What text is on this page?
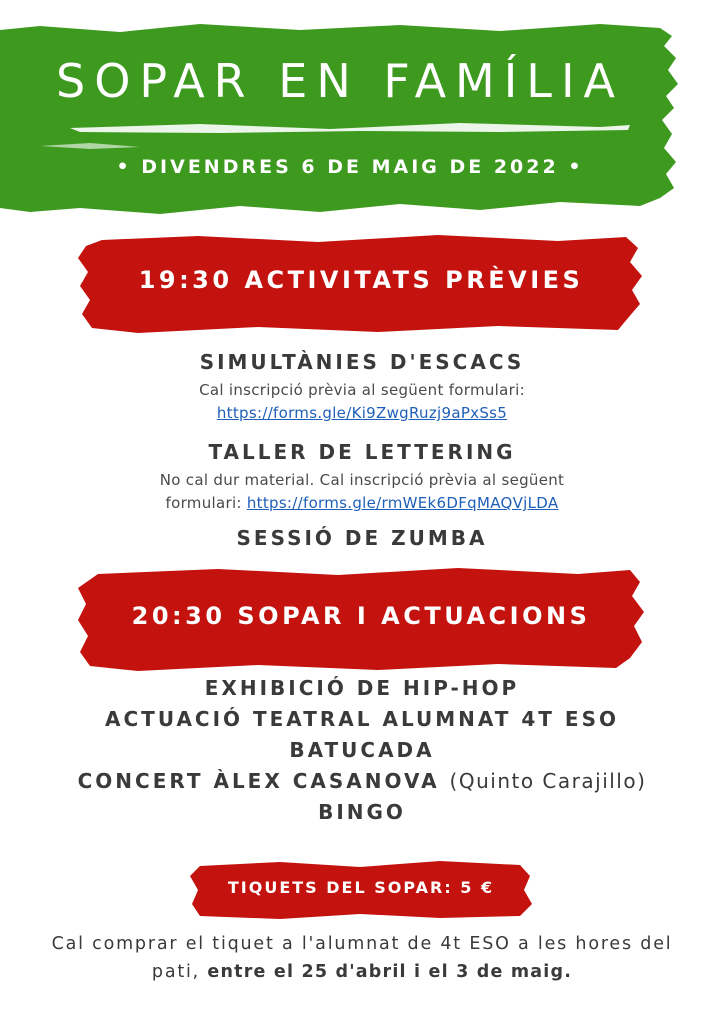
SOPAR EN FAMÍLIA
• DIVENDRES 6 DE MAIG DE 2022 •
19:30 ACTIVITATS PRÈVIES
SIMULTÀNIES D'ESCACS
Cal inscripció prèvia al següent formulari:
https://forms.gle/Ki9ZwgRuzj9aPxSs5
TALLER DE LETTERING
No cal dur material. Cal inscripció prèvia al següent
formulari: https://forms.gle/rmWEk6DFqMAQVjLDA
SESSIÓ DE ZUMBA
20:30 SOPAR I ACTUACIONS
EXHIBICIÓ DE HIP-HOP
ACTUACIÓ TEATRAL ALUMNAT 4T ESO
BATUCADA
CONCERT ÀLEX CASANOVA (Quinto Carajillo)
BINGO
TIQUETS DEL SOPAR: 5 €
Cal comprar el tiquet a l'alumnat de 4t ESO a les hores del pati, entre el 25 d'abril i el 3 de maig.
